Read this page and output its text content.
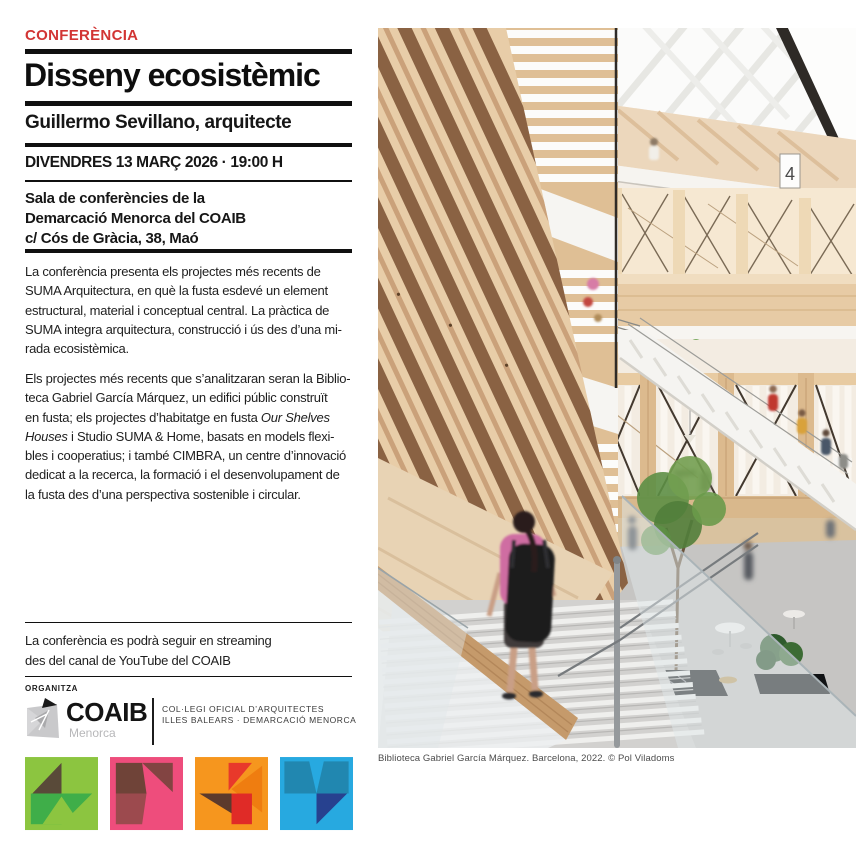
CONFERÈNCIA
Disseny ecosistèmic
Guillermo Sevillano, arquitecte
DIVENDRES 13 MARÇ 2026 · 19:00 H
Sala de conferències de la
Demarcació Menorca del COAIB
c/ Cós de Gràcia, 38, Maó
La conferència presenta els projectes més recents de
SUMA Arquitectura, en què la fusta esdevé un element
estructural, material i conceptual central. La pràctica de
SUMA integra arquitectura, construcció i ús des d’una mi-
rada ecosistèmica.
Els projectes més recents que s’analitzaran seran la Biblio-
teca Gabriel García Márquez, un edifici públic construït
en fusta; els projectes d’habitatge en fusta Our Shelves
Houses i Studio SUMA & Home, basats en models flexi-
bles i cooperatius; i també CIMBRA, un centre d’innovació
dedicat a la recerca, la formació i el desenvolupament de
la fusta des d’una perspectiva sostenible i circular.
La conferència es podrà seguir en streaming
des del canal de YouTube del COAIB
ORGANITZA
COAIB
Menorca
COL·LEGI OFICIAL D’ARQUITECTES
ILLES BALEARS · DEMARCACIÓ MENORCA
4
Biblioteca Gabriel García Márquez. Barcelona, 2022. © Pol Viladoms
